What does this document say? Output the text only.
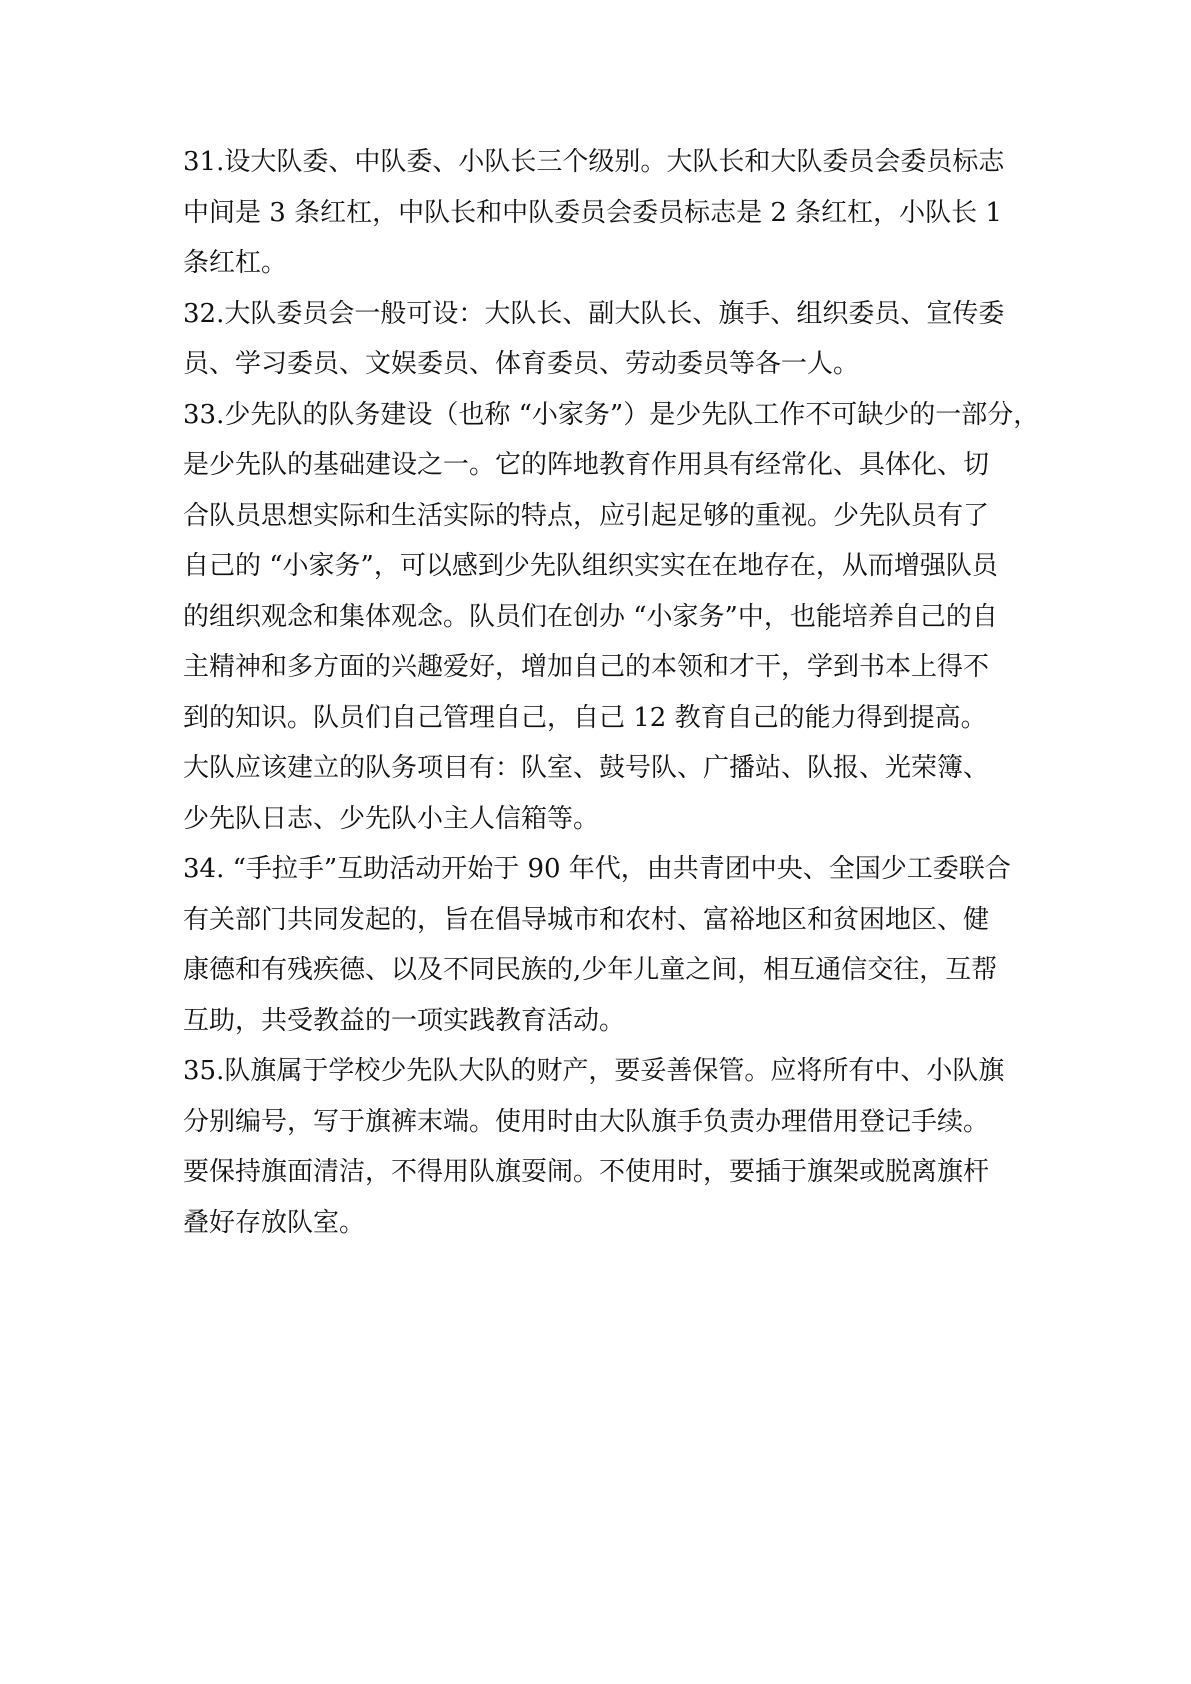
31.设大队委、中队委、小队长三个级别。大队长和大队委员会委员标志
中间是 3 条红杠，中队长和中队委员会委员标志是 2 条红杠，小队长 1
条红杠。
32.大队委员会一般可设：大队长、副大队长、旗手、组织委员、宣传委
员、学习委员、文娱委员、体育委员、劳动委员等各一人。
33.少先队的队务建设（也称 “小家务”）是少先队工作不可缺少的一部分，
是少先队的基础建设之一。它的阵地教育作用具有经常化、具体化、切
合队员思想实际和生活实际的特点，应引起足够的重视。少先队员有了
自己的 “小家务”，可以感到少先队组织实实在在地存在，从而增强队员
的组织观念和集体观念。队员们在创办 “小家务”中，也能培养自己的自
主精神和多方面的兴趣爱好，增加自己的本领和才干，学到书本上得不
到的知识。队员们自己管理自己，自己 12 教育自己的能力得到提高。
大队应该建立的队务项目有：队室、鼓号队、广播站、队报、光荣簿、
少先队日志、少先队小主人信箱等。
34. “手拉手”互助活动开始于 90 年代，由共青团中央、全国少工委联合
有关部门共同发起的，旨在倡导城市和农村、富裕地区和贫困地区、健
康德和有残疾德、以及不同民族的,少年儿童之间，相互通信交往，互帮
互助，共受教益的一项实践教育活动。
35.队旗属于学校少先队大队的财产，要妥善保管。应将所有中、小队旗
分别编号，写于旗裤末端。使用时由大队旗手负责办理借用登记手续。
要保持旗面清洁，不得用队旗耍闹。不使用时，要插于旗架或脱离旗杆
叠好存放队室。
